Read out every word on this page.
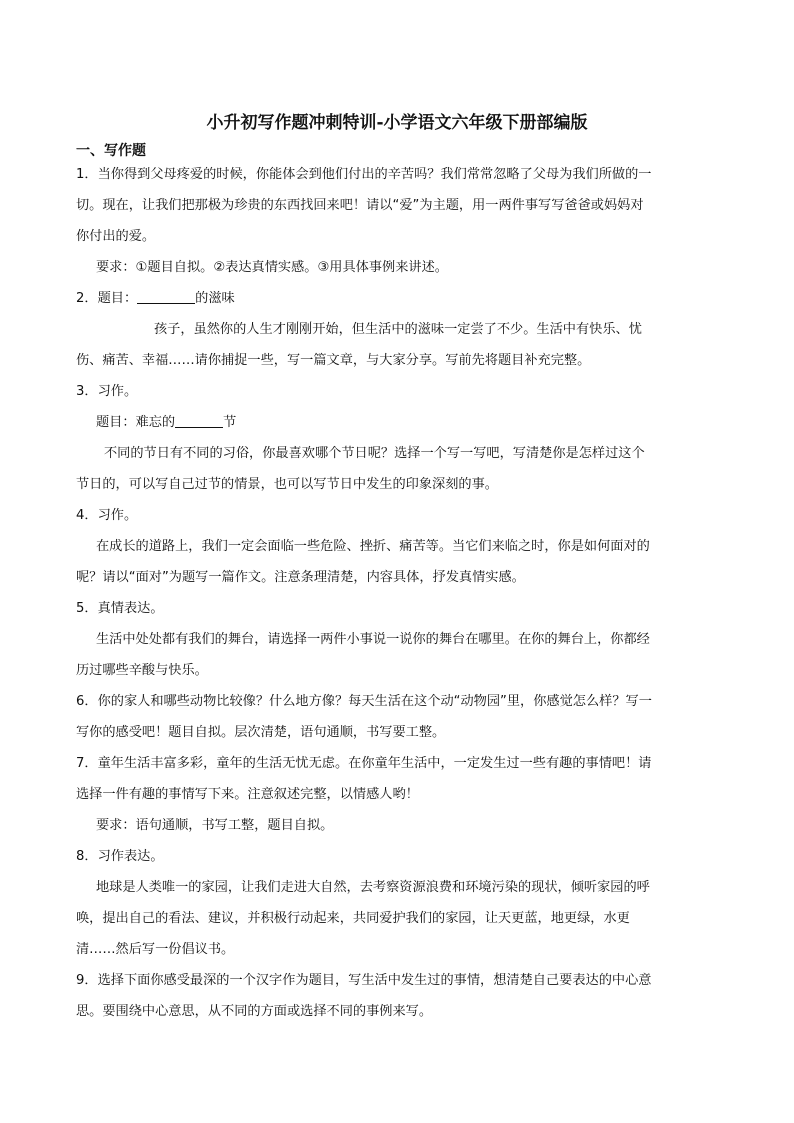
小升初写作题冲刺特训-小学语文六年级下册部编版
一、写作题
1．当你得到父母疼爱的时候，你能体会到他们付出的辛苦吗？我们常常忽略了父母为我们所做的一
切。现在，让我们把那极为珍贵的东西找回来吧！请以“爱”为主题，用一两件事写写爸爸或妈妈对
你付出的爱。
要求：①题目自拟。②表达真情实感。③用具体事例来讲述。
2．题目：	的滋味
孩子，虽然你的人生才刚刚开始，但生活中的滋味一定尝了不少。生活中有快乐、忧
伤、痛苦、幸福……请你捕捉一些，写一篇文章，与大家分享。写前先将题目补充完整。
3．习作。
题目：难忘的	节
不同的节日有不同的习俗，你最喜欢哪个节日呢？选择一个写一写吧，写清楚你是怎样过这个
节日的，可以写自己过节的情景，也可以写节日中发生的印象深刻的事。
4．习作。
在成长的道路上，我们一定会面临一些危险、挫折、痛苦等。当它们来临之时，你是如何面对的
呢？请以“面对”为题写一篇作文。注意条理清楚，内容具体，抒发真情实感。
5．真情表达。
生活中处处都有我们的舞台，请选择一两件小事说一说你的舞台在哪里。在你的舞台上，你都经
历过哪些辛酸与快乐。
6．你的家人和哪些动物比较像？什么地方像？每天生活在这个动“动物园”里，你感觉怎么样？写一
写你的感受吧！题目自拟。层次清楚，语句通顺，书写要工整。
7．童年生活丰富多彩，童年的生活无忧无虑。在你童年生活中，一定发生过一些有趣的事情吧！请
选择一件有趣的事情写下来。注意叙述完整，以情感人哟！
要求：语句通顺，书写工整，题目自拟。
8．习作表达。
地球是人类唯一的家园，让我们走进大自然，去考察资源浪费和环境污染的现状，倾听家园的呼
唤，提出自己的看法、建议，并积极行动起来，共同爱护我们的家园，让天更蓝，地更绿，水更
清……然后写一份倡议书。
9．选择下面你感受最深的一个汉字作为题目，写生活中发生过的事情，想清楚自己要表达的中心意
思。要围绕中心意思，从不同的方面或选择不同的事例来写。
